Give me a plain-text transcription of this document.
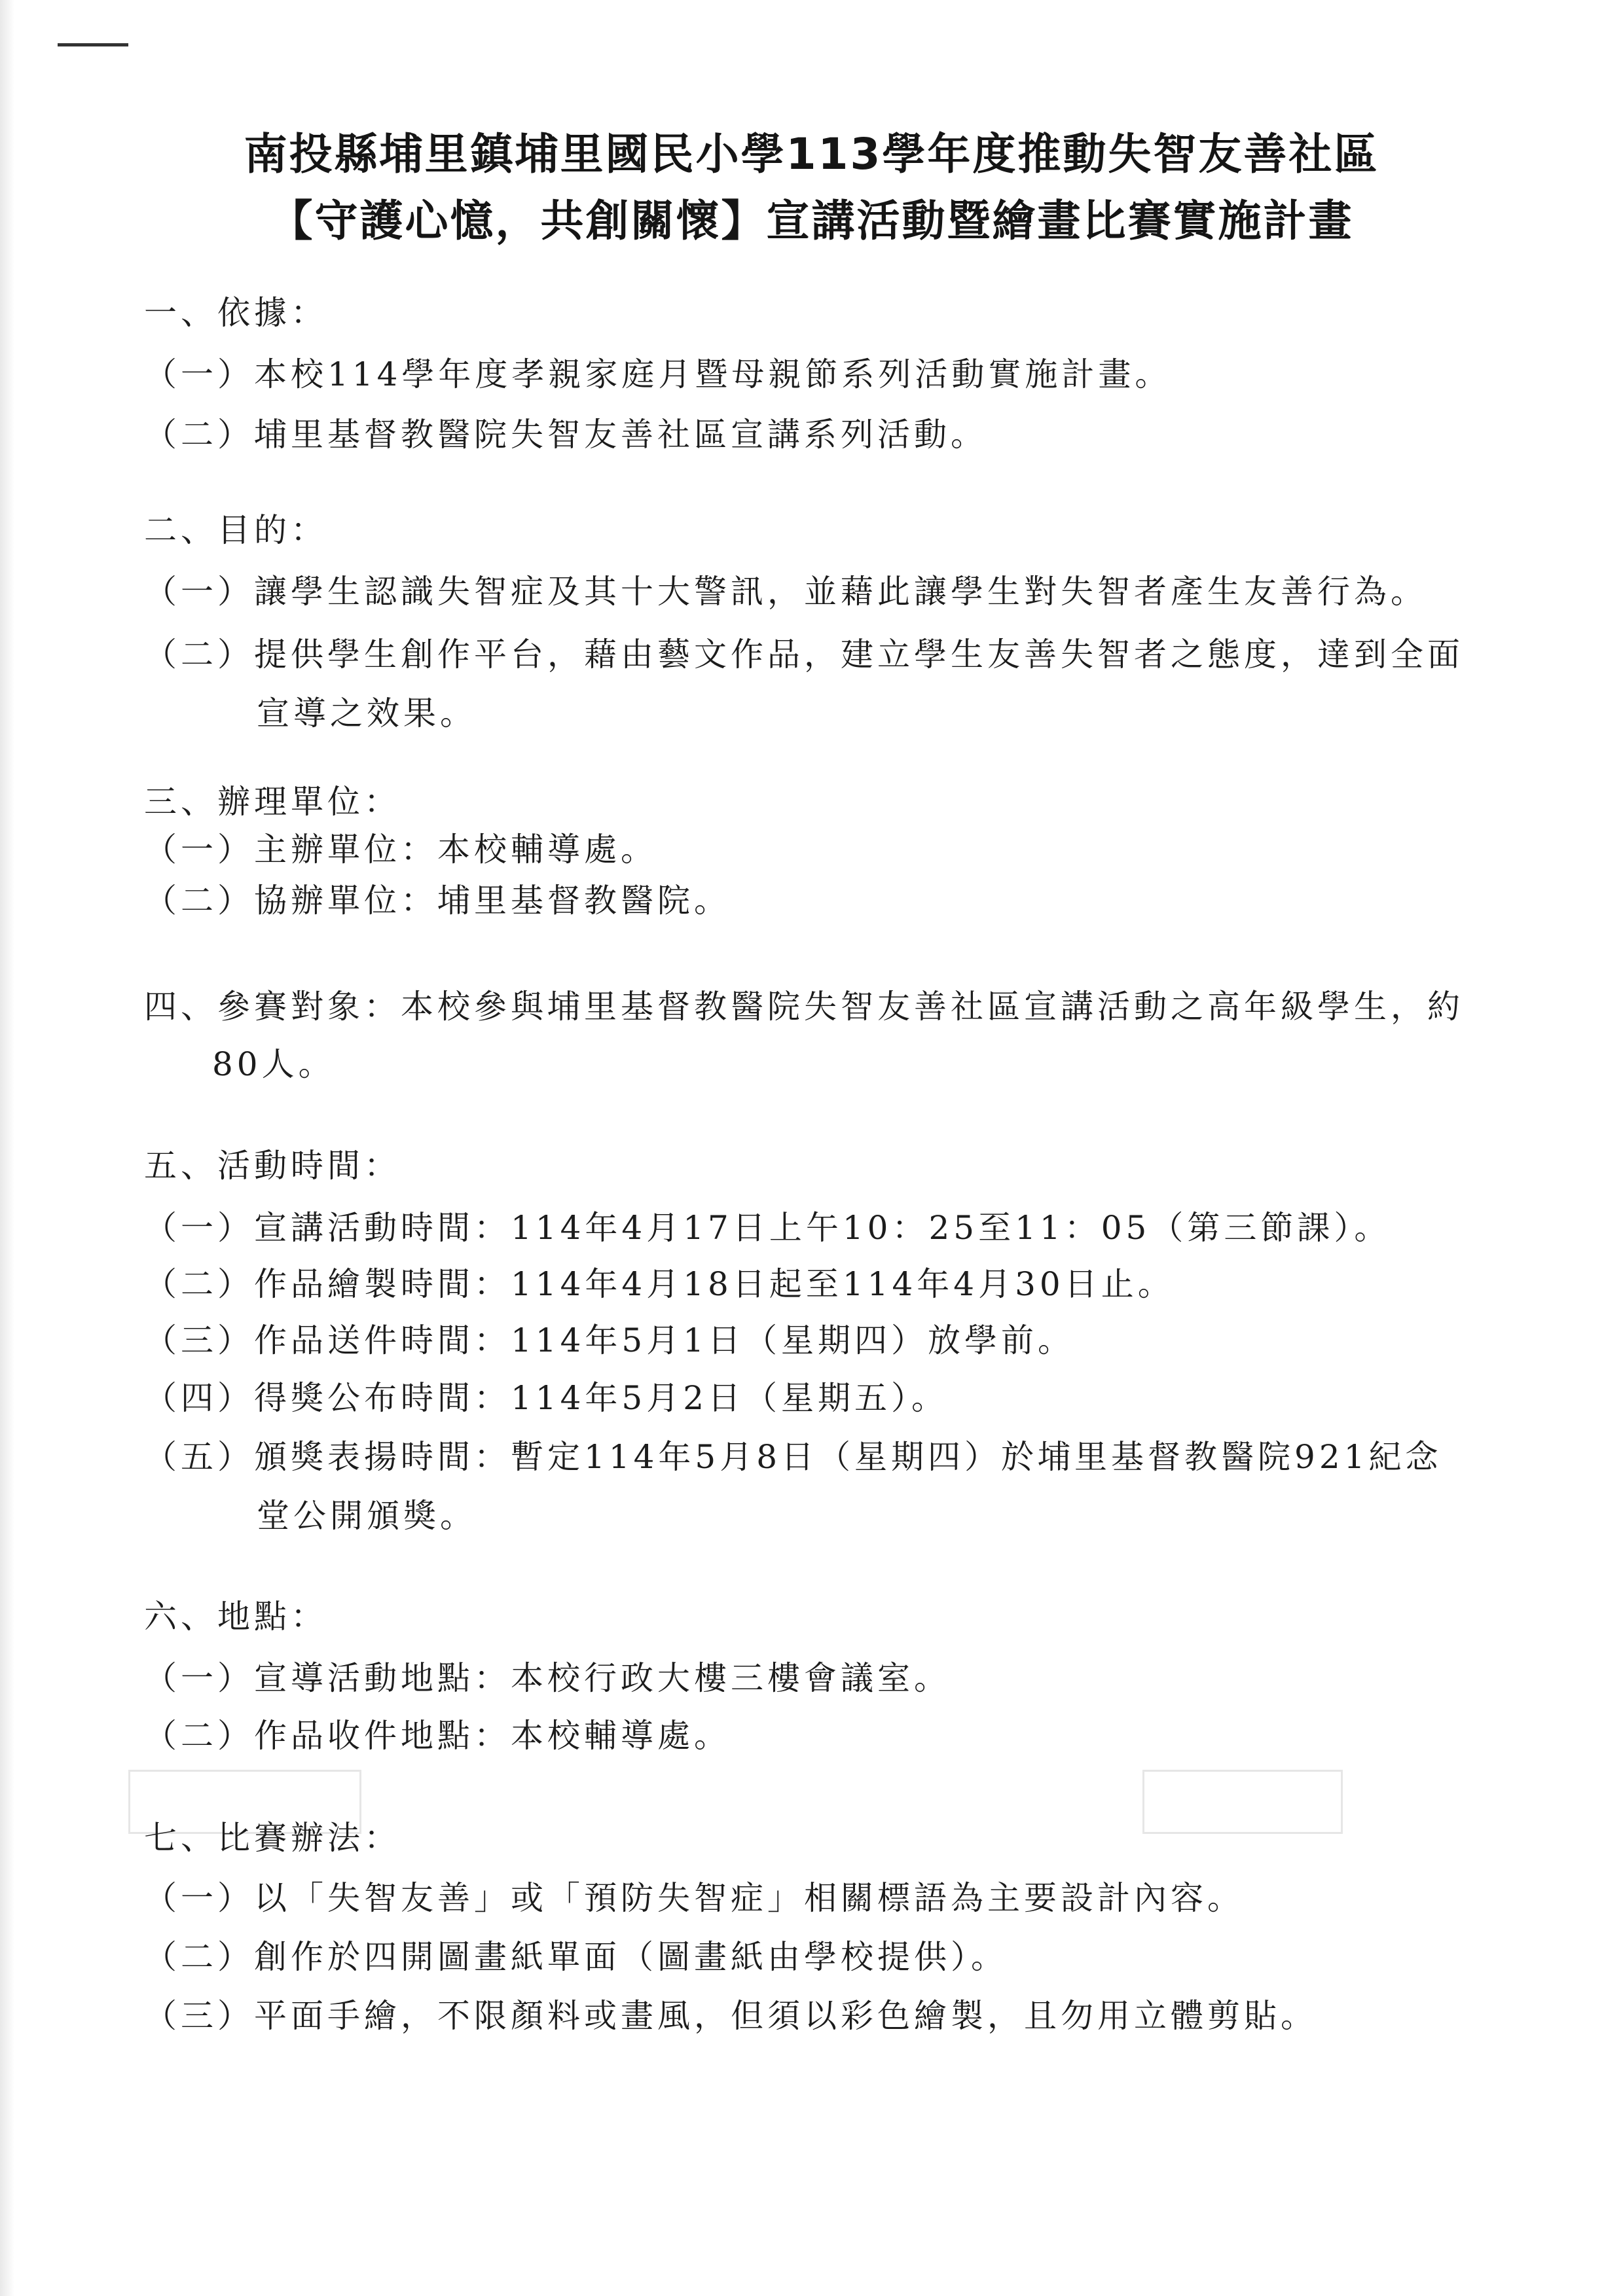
南投縣埔里鎮埔里國民小學113學年度推動失智友善社區
【守護心憶，共創關懷】宣講活動暨繪畫比賽實施計畫
一、依據：
（一）本校114學年度孝親家庭月暨母親節系列活動實施計畫。
（二）埔里基督教醫院失智友善社區宣講系列活動。
二、目的：
（一）讓學生認識失智症及其十大警訊，並藉此讓學生對失智者產生友善行為。
（二）提供學生創作平台，藉由藝文作品，建立學生友善失智者之態度，達到全面
宣導之效果。
三、辦理單位：
（一）主辦單位：本校輔導處。
（二）協辦單位：埔里基督教醫院。
四、參賽對象：本校參與埔里基督教醫院失智友善社區宣講活動之高年級學生，約
80人。
五、活動時間：
（一）宣講活動時間：114年4月17日上午10：25至11：05（第三節課）。
（二）作品繪製時間：114年4月18日起至114年4月30日止。
（三）作品送件時間：114年5月1日（星期四）放學前。
（四）得獎公布時間：114年5月2日（星期五）。
（五）頒獎表揚時間：暫定114年5月8日（星期四）於埔里基督教醫院921紀念
堂公開頒獎。
六、地點：
（一）宣導活動地點：本校行政大樓三樓會議室。
（二）作品收件地點：本校輔導處。
七、比賽辦法：
（一）以「失智友善」或「預防失智症」相關標語為主要設計內容。
（二）創作於四開圖畫紙單面（圖畫紙由學校提供）。
（三）平面手繪，不限顏料或畫風，但須以彩色繪製，且勿用立體剪貼。
